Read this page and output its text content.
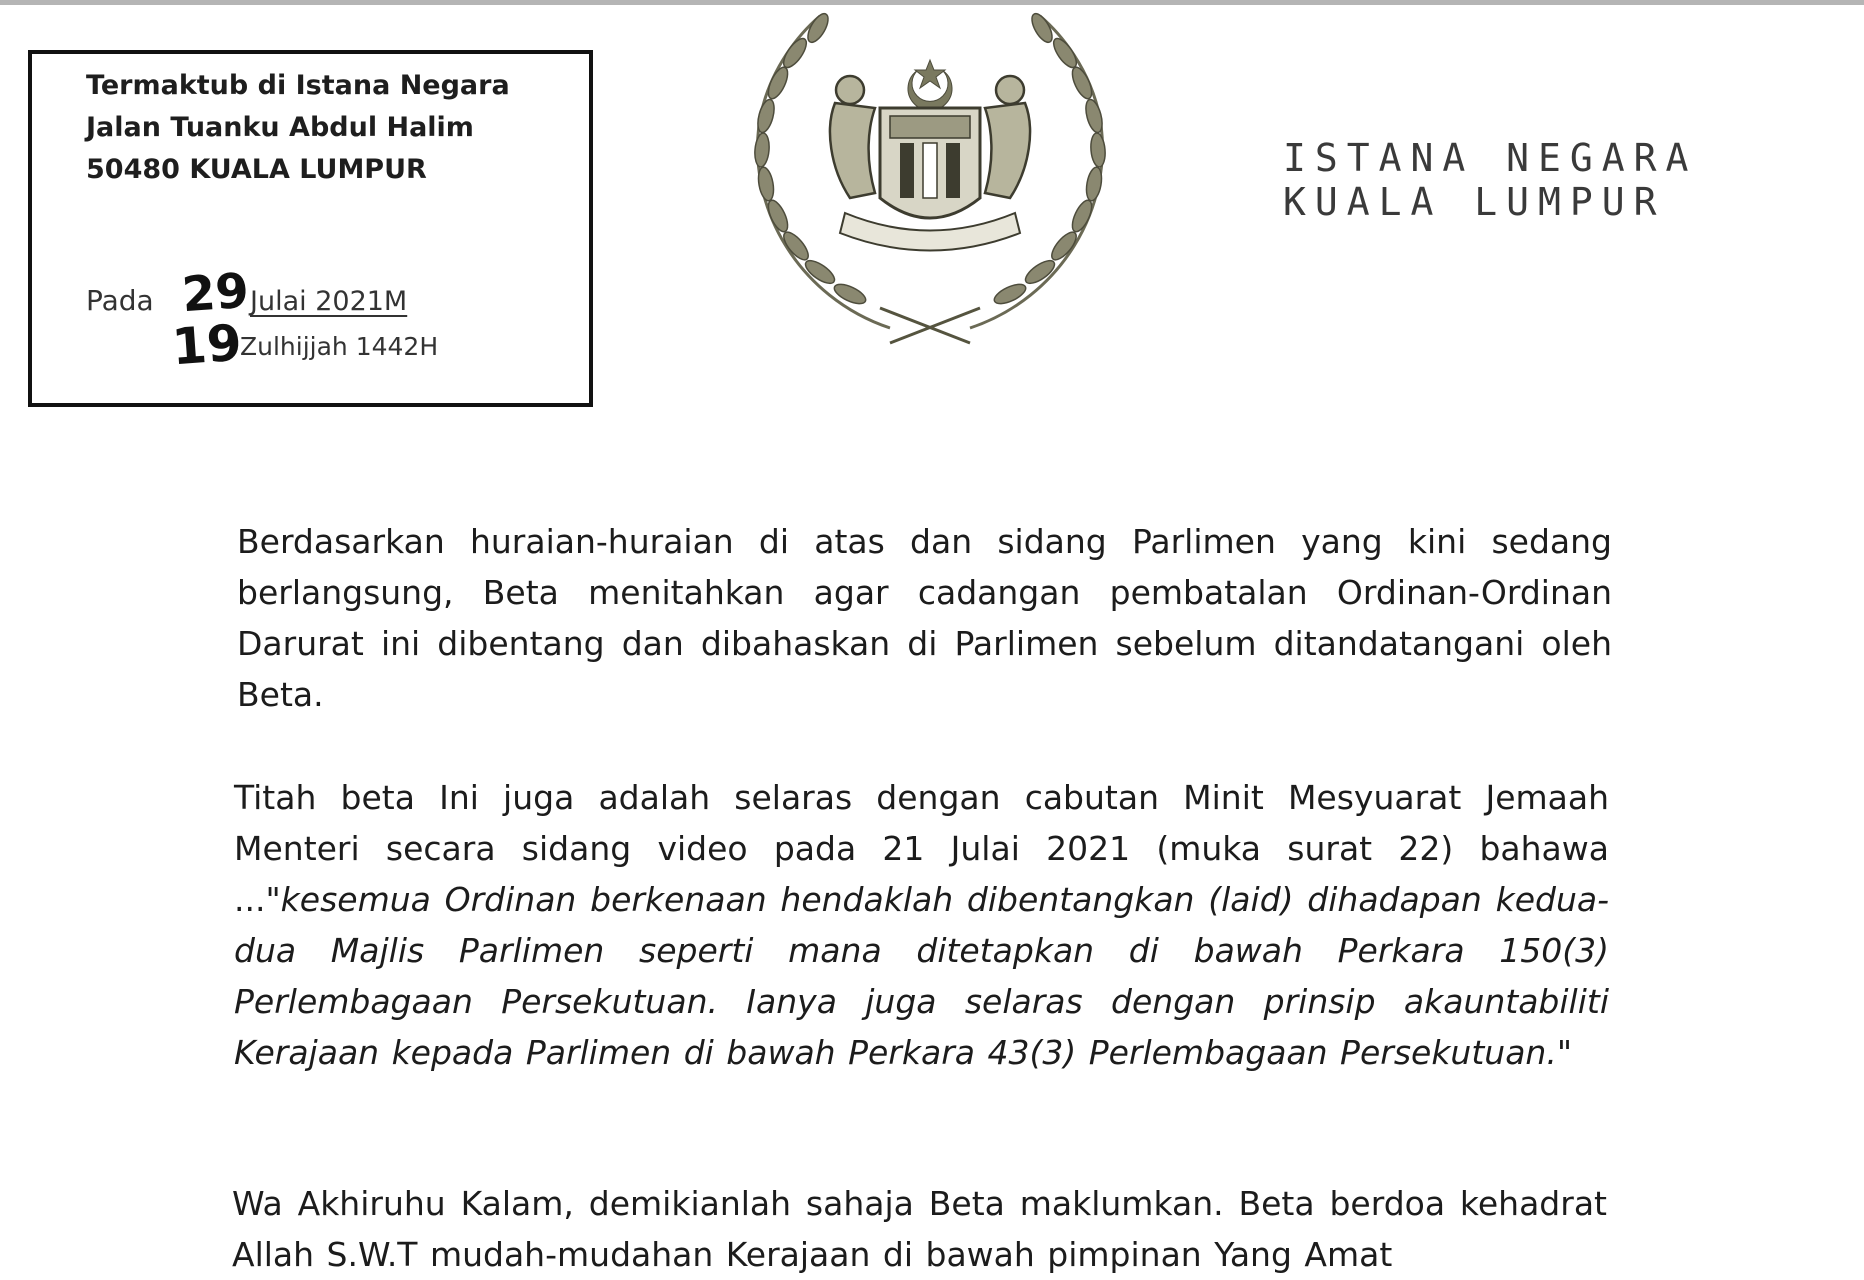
Termaktub di Istana Negara
Jalan Tuanku Abdul Halim
50480 KUALA LUMPUR
Pada 29 Julai 2021M
19
Zulhijjah 1442H
ISTANA NEGARA
KUALA LUMPUR

Berdasarkan huraian-huraian di atas dan sidang Parlimen yang kini sedang berlangsung, Beta menitahkan agar cadangan pembatalan Ordinan-Ordinan Darurat ini dibentang dan dibahaskan di Parlimen sebelum ditandatangani oleh Beta.

Titah beta Ini juga adalah selaras dengan cabutan Minit Mesyuarat Jemaah Menteri secara sidang video pada 21 Julai 2021 (muka surat 22) bahawa ..."kesemua Ordinan berkenaan hendaklah dibentangkan (laid) dihadapan kedua-dua Majlis Parlimen seperti mana ditetapkan di bawah Perkara 150(3) Perlembagaan Persekutuan. Ianya juga selaras dengan prinsip akauntabiliti Kerajaan kepada Parlimen di bawah Perkara 43(3) Perlembagaan Persekutuan."

Wa Akhiruhu Kalam, demikianlah sahaja Beta maklumkan. Beta berdoa kehadrat Allah S.W.T mudah-mudahan Kerajaan di bawah pimpinan Yang Amat
